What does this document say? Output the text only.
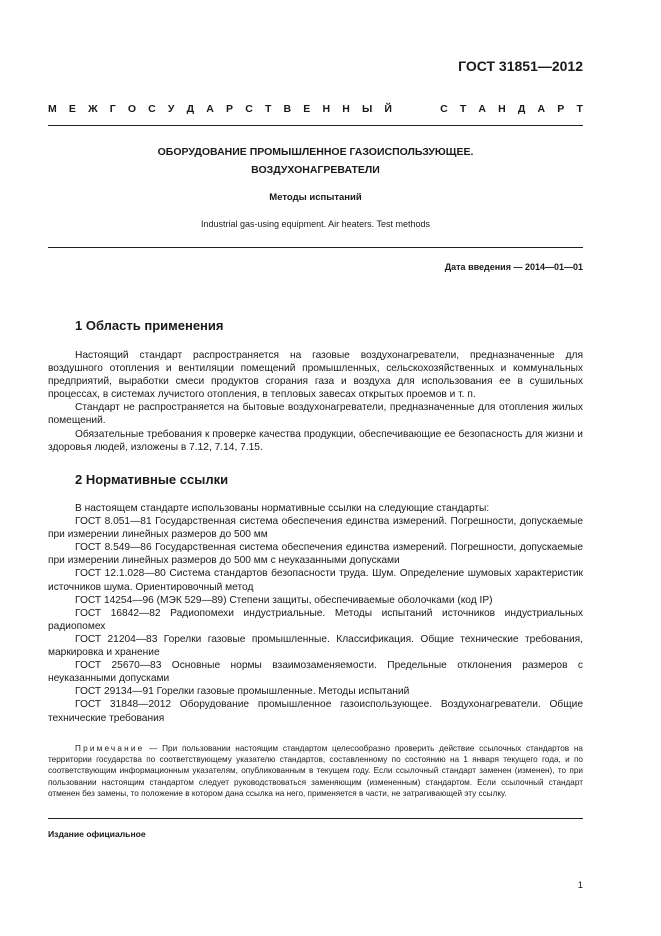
ГОСТ 31851—2012
М Е Ж Г О С У Д А Р С Т В Е Н Н Ы Й

	С Т А Н Д А Р Т
ОБОРУДОВАНИЕ ПРОМЫШЛЕННОЕ ГАЗОИСПОЛЬЗУЮЩЕЕ.
ВОЗДУХОНАГРЕВАТЕЛИ
Методы испытаний
Industrial gas-using equipment. Air heaters. Test methods
Дата введения — 2014—01—01
1 Область применения

Настоящий стандарт распространяется на газовые воздухонагреватели, предназначенные для воздушного отопления и вентиляции помещений промышленных, сельскохозяйственных и коммунальных предприятий, выработки смеси продуктов сгорания газа и воздуха для использования ее в сушильных процессах, в системах лучистого отопления, в тепловых завесах открытых проемов и т. п.

Стандарт не распространяется на бытовые воздухонагреватели, предназначенные для отопления жилых помещений.

Обязательные требования к проверке качества продукции, обеспечивающие ее безопасность для жизни и здоровья людей, изложены в 7.12, 7.14, 7.15.

2 Нормативные ссылки

В настоящем стандарте использованы нормативные ссылки на следующие стандарты:

ГОСТ 8.051—81 Государственная система обеспечения единства измерений. Погрешности, допускаемые при измерении линейных размеров до 500 мм

ГОСТ 8.549—86 Государственная система обеспечения единства измерений. Погрешности, допускаемые при измерении линейных размеров до 500 мм с неуказанными допусками

ГОСТ 12.1.028—80 Система стандартов безопасности труда. Шум. Определение шумовых характеристик источников шума. Ориентировочный метод

ГОСТ 14254—96 (МЭК 529—89) Степени защиты, обеспечиваемые оболочками (код IP)

ГОСТ 16842—82 Радиопомехи индустриальные. Методы испытаний источников индустриальных радиопомех

ГОСТ 21204—83 Горелки газовые промышленные. Классификация. Общие технические требования, маркировка и хранение

ГОСТ 25670—83 Основные нормы взаимозаменяемости. Предельные отклонения размеров с неуказанными допусками

ГОСТ 29134—91 Горелки газовые промышленные. Методы испытаний

ГОСТ 31848—2012 Оборудование промышленное газоиспользующее. Воздухонагреватели. Общие технические требования

Примечание — При пользовании настоящим стандартом целесообразно проверить действие ссылочных стандартов на территории государства по соответствующему указателю стандартов, составленному по состоянию на 1 января текущего года, и по соответствующим информационным указателям, опубликованным в текущем году. Если ссылочный стандарт заменен (изменен), то при пользовании настоящим стандартом следует руководствоваться заменяющим (измененным) стандартом. Если ссылочный стандарт отменен без замены, то положение в котором дана ссылка на него, применяется в части, не затрагивающей эту ссылку.

Издание официальное
1
